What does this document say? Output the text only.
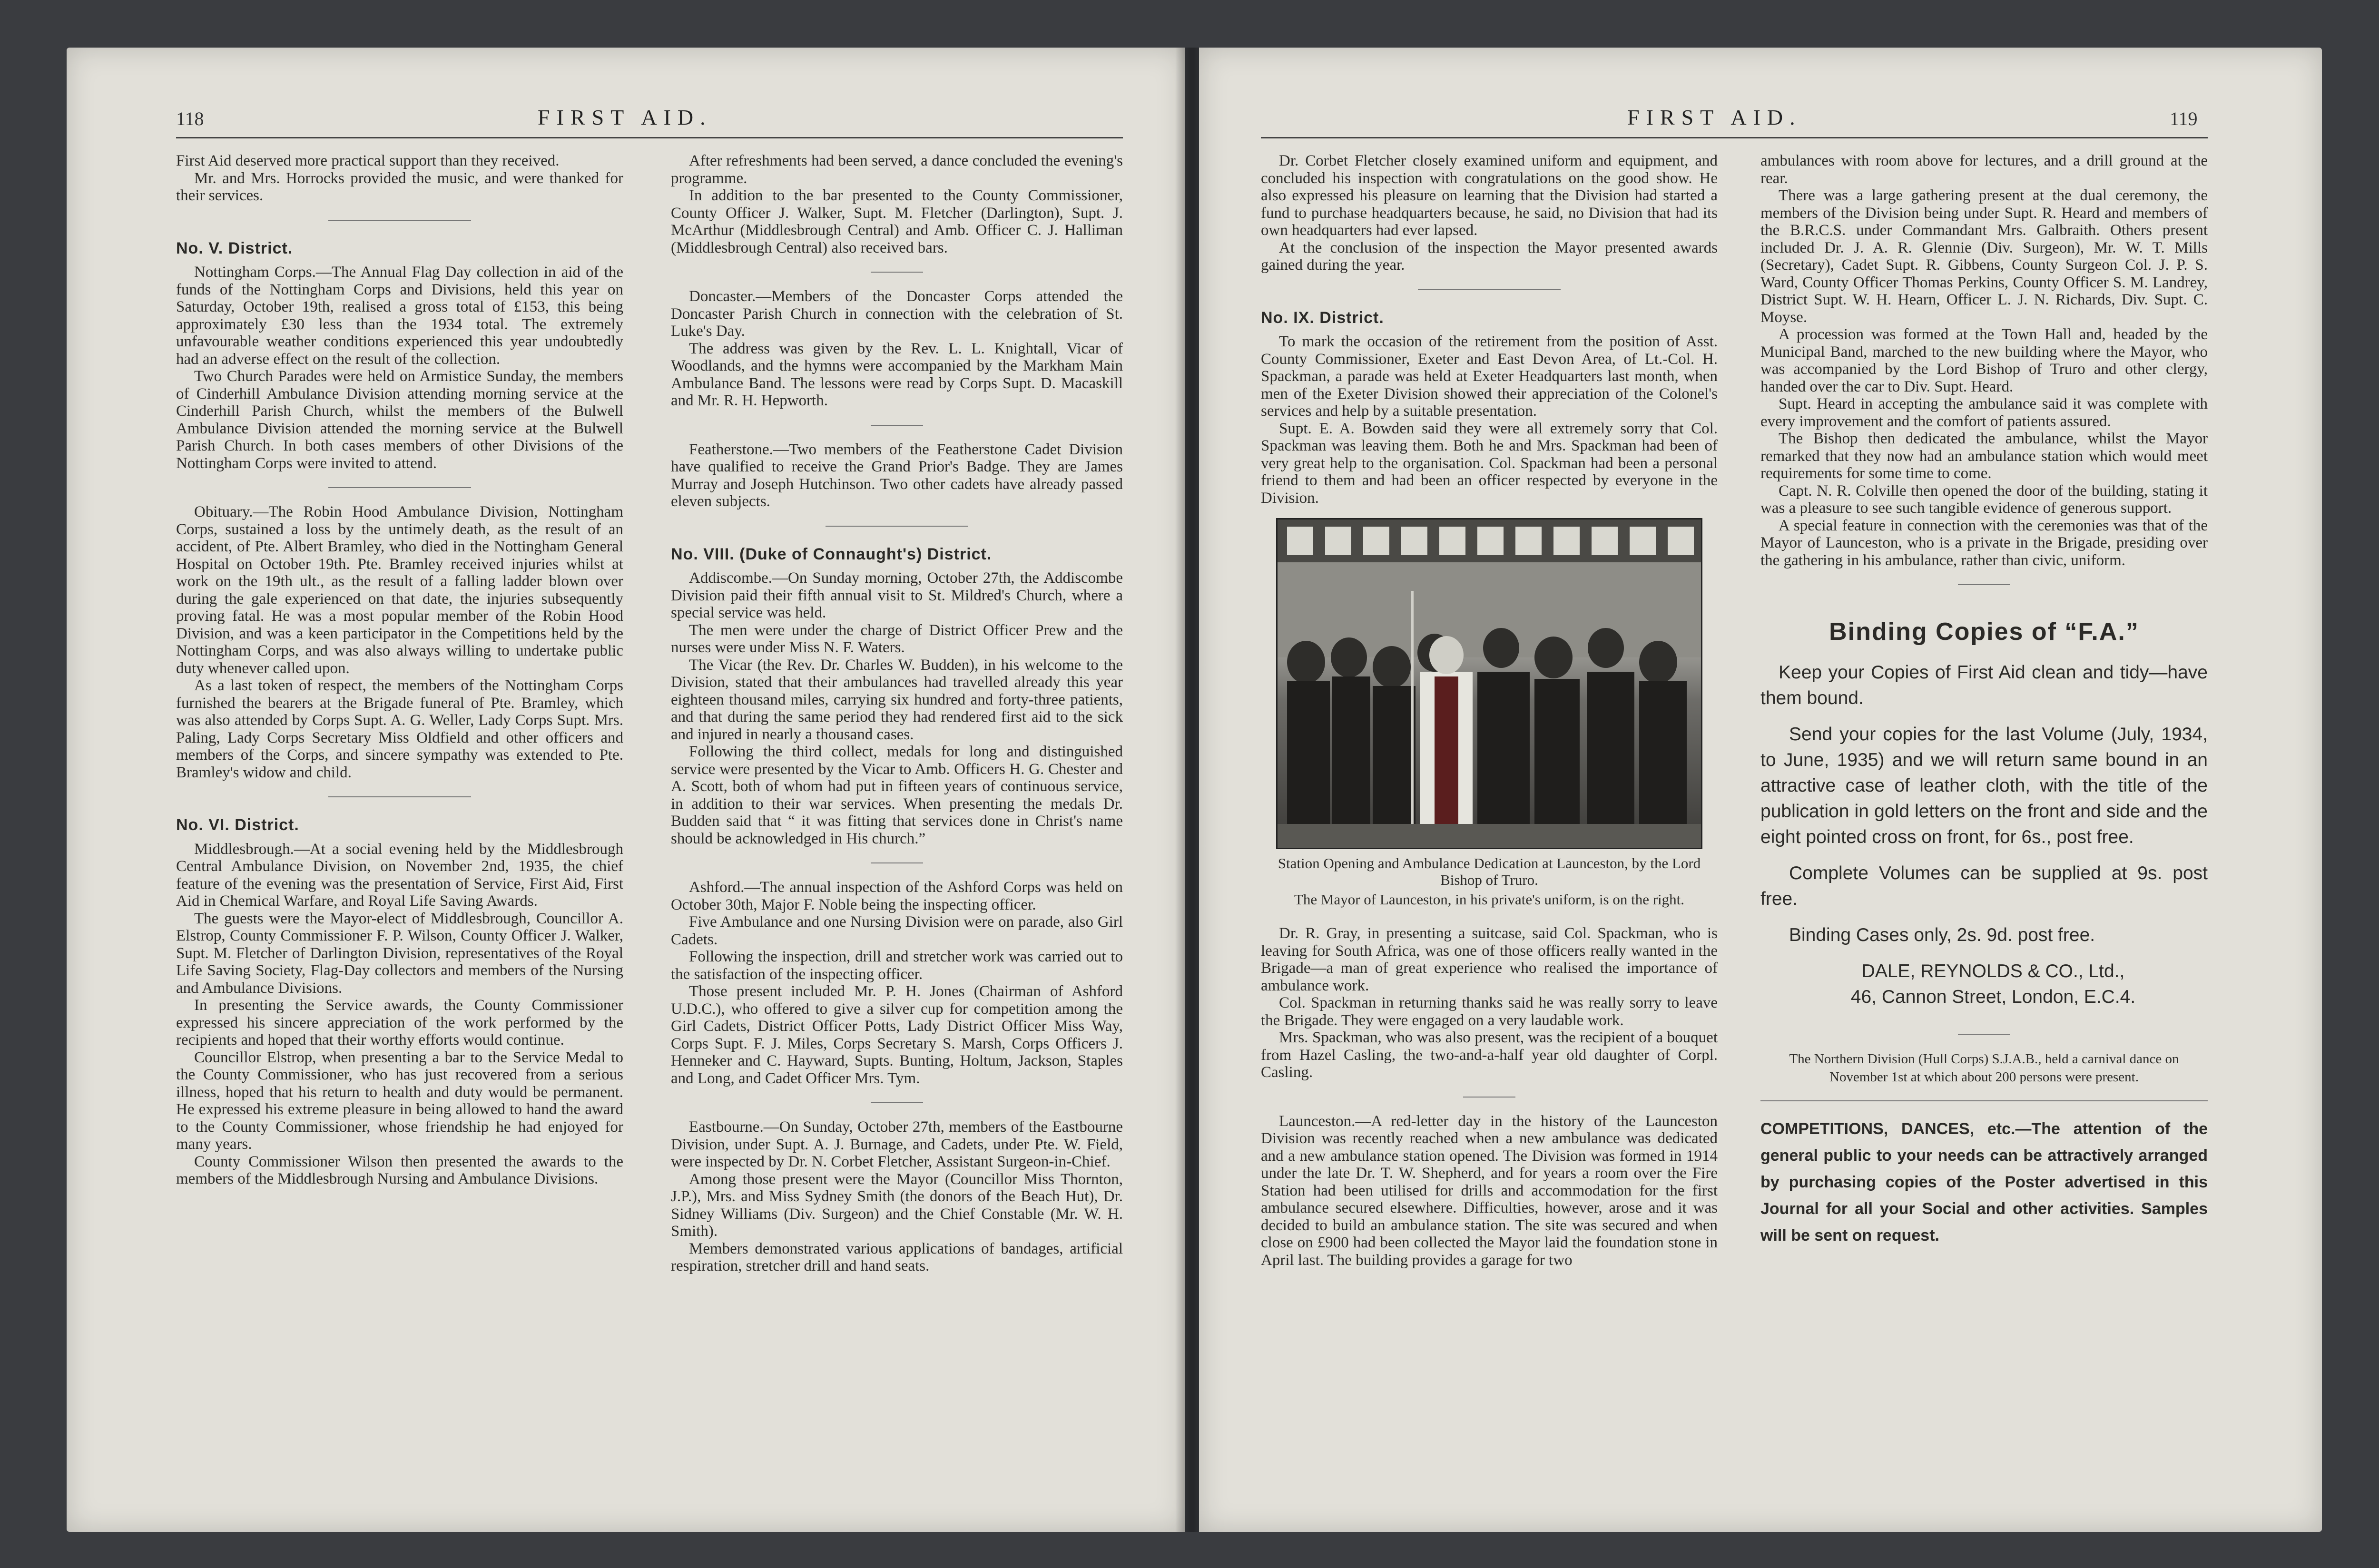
118	FIRST AID.

First Aid deserved more practical support than they received.

Mr. and Mrs. Horrocks provided the music, and were thanked for their services.

No. V. District.

Nottingham Corps.—The Annual Flag Day collection in aid of the funds of the Nottingham Corps and Divisions, held this year on Saturday, October 19th, realised a gross total of £153, this being approximately £30 less than the 1934 total. The extremely unfavourable weather conditions experienced this year undoubtedly had an adverse effect on the result of the collection.

Two Church Parades were held on Armistice Sunday, the members of Cinderhill Ambulance Division attending morning service at the Cinderhill Parish Church, whilst the members of the Bulwell Ambulance Division attended the morning service at the Bulwell Parish Church. In both cases members of other Divisions of the Nottingham Corps were invited to attend.

Obituary.—The Robin Hood Ambulance Division, Nottingham Corps, sustained a loss by the untimely death, as the result of an accident, of Pte. Albert Bramley, who died in the Nottingham General Hospital on October 19th. Pte. Bramley received injuries whilst at work on the 19th ult., as the result of a falling ladder blown over during the gale experienced on that date, the injuries subsequently proving fatal. He was a most popular member of the Robin Hood Division, and was a keen participator in the Competitions held by the Nottingham Corps, and was also always willing to undertake public duty whenever called upon.

As a last token of respect, the members of the Nottingham Corps furnished the bearers at the Brigade funeral of Pte. Bramley, which was also attended by Corps Supt. A. G. Weller, Lady Corps Supt. Mrs. Paling, Lady Corps Secretary Miss Oldfield and other officers and members of the Corps, and sincere sympathy was extended to Pte. Bramley's widow and child.

No. VI. District.

Middlesbrough.—At a social evening held by the Middlesbrough Central Ambulance Division, on November 2nd, 1935, the chief feature of the evening was the presentation of Service, First Aid, First Aid in Chemical Warfare, and Royal Life Saving Awards.

The guests were the Mayor-elect of Middlesbrough, Councillor A. Elstrop, County Commissioner F. P. Wilson, County Officer J. Walker, Supt. M. Fletcher of Darlington Division, representatives of the Royal Life Saving Society, Flag-Day collectors and members of the Nursing and Ambulance Divisions.

In presenting the Service awards, the County Commissioner expressed his sincere appreciation of the work performed by the recipients and hoped that their worthy efforts would continue.

Councillor Elstrop, when presenting a bar to the Service Medal to the County Commissioner, who has just recovered from a serious illness, hoped that his return to health and duty would be permanent. He expressed his extreme pleasure in being allowed to hand the award to the County Commissioner, whose friendship he had enjoyed for many years.

County Commissioner Wilson then presented the awards to the members of the Middlesbrough Nursing and Ambulance Divisions.

After refreshments had been served, a dance concluded the evening's programme.

In addition to the bar presented to the County Commissioner, County Officer J. Walker, Supt. M. Fletcher (Darlington), Supt. J. McArthur (Middlesbrough Central) and Amb. Officer C. J. Halliman (Middlesbrough Central) also received bars.

Doncaster.—Members of the Doncaster Corps attended the Doncaster Parish Church in connection with the celebration of St. Luke's Day.

The address was given by the Rev. L. L. Knightall, Vicar of Woodlands, and the hymns were accompanied by the Markham Main Ambulance Band. The lessons were read by Corps Supt. D. Macaskill and Mr. R. H. Hepworth.

Featherstone.—Two members of the Featherstone Cadet Division have qualified to receive the Grand Prior's Badge. They are James Murray and Joseph Hutchinson. Two other cadets have already passed eleven subjects.

No. VIII. (Duke of Connaught's) District.

Addiscombe.—On Sunday morning, October 27th, the Addiscombe Division paid their fifth annual visit to St. Mildred's Church, where a special service was held.

The men were under the charge of District Officer Prew and the nurses were under Miss N. F. Waters.

The Vicar (the Rev. Dr. Charles W. Budden), in his welcome to the Division, stated that their ambulances had travelled already this year eighteen thousand miles, carrying six hundred and forty-three patients, and that during the same period they had rendered first aid to the sick and injured in nearly a thousand cases.

Following the third collect, medals for long and distinguished service were presented by the Vicar to Amb. Officers H. G. Chester and A. Scott, both of whom had put in fifteen years of continuous service, in addition to their war services. When presenting the medals Dr. Budden said that “ it was fitting that services done in Christ's name should be acknowledged in His church.”

Ashford.—The annual inspection of the Ashford Corps was held on October 30th, Major F. Noble being the inspecting officer.

Five Ambulance and one Nursing Division were on parade, also Girl Cadets.

Following the inspection, drill and stretcher work was carried out to the satisfaction of the inspecting officer.

Those present included Mr. P. H. Jones (Chairman of Ashford U.D.C.), who offered to give a silver cup for competition among the Girl Cadets, District Officer Potts, Lady District Officer Miss Way, Corps Supt. F. J. Miles, Corps Secretary S. Marsh, Corps Officers J. Henneker and C. Hayward, Supts. Bunting, Holtum, Jackson, Staples and Long, and Cadet Officer Mrs. Tym.

Eastbourne.—On Sunday, October 27th, members of the Eastbourne Division, under Supt. A. J. Burnage, and Cadets, under Pte. W. Field, were inspected by Dr. N. Corbet Fletcher, Assistant Surgeon-in-Chief.

Among those present were the Mayor (Councillor Miss Thornton, J.P.), Mrs. and Miss Sydney Smith (the donors of the Beach Hut), Dr. Sidney Williams (Div. Surgeon) and the Chief Constable (Mr. W. H. Smith).

Members demonstrated various applications of bandages, artificial respiration, stretcher drill and hand seats.

FIRST AID.	119

Dr. Corbet Fletcher closely examined uniform and equipment, and concluded his inspection with congratulations on the good show. He also expressed his pleasure on learning that the Division had started a fund to purchase headquarters because, he said, no Division that had its own headquarters had ever lapsed.

At the conclusion of the inspection the Mayor presented awards gained during the year.

No. IX. District.

To mark the occasion of the retirement from the position of Asst. County Commissioner, Exeter and East Devon Area, of Lt.-Col. H. Spackman, a parade was held at Exeter Headquarters last month, when men of the Exeter Division showed their appreciation of the Colonel's services and help by a suitable presentation.

Supt. E. A. Bowden said they were all extremely sorry that Col. Spackman was leaving them. Both he and Mrs. Spackman had been of very great help to the organisation. Col. Spackman had been a personal friend to them and had been an officer respected by everyone in the Division.

Station Opening and Ambulance Dedication at Launceston, by the Lord Bishop of Truro.
The Mayor of Launceston, in his private's uniform, is on the right.

Dr. R. Gray, in presenting a suitcase, said Col. Spackman, who is leaving for South Africa, was one of those officers really wanted in the Brigade—a man of great experience who realised the importance of ambulance work.

Col. Spackman in returning thanks said he was really sorry to leave the Brigade. They were engaged on a very laudable work.

Mrs. Spackman, who was also present, was the recipient of a bouquet from Hazel Casling, the two-and-a-half year old daughter of Corpl. Casling.

Launceston.—A red-letter day in the history of the Launceston Division was recently reached when a new ambulance was dedicated and a new ambulance station opened. The Division was formed in 1914 under the late Dr. T. W. Shepherd, and for years a room over the Fire Station had been utilised for drills and accommodation for the first ambulance secured elsewhere. Difficulties, however, arose and it was decided to build an ambulance station. The site was secured and when close on £900 had been collected the Mayor laid the foundation stone in April last. The building provides a garage for two

ambulances with room above for lectures, and a drill ground at the rear.

There was a large gathering present at the dual ceremony, the members of the Division being under Supt. R. Heard and members of the B.R.C.S. under Commandant Mrs. Galbraith. Others present included Dr. J. A. R. Glennie (Div. Surgeon), Mr. W. T. Mills (Secretary), Cadet Supt. R. Gibbens, County Surgeon Col. J. P. S. Ward, County Officer Thomas Perkins, County Officer S. M. Landrey, District Supt. W. H. Hearn, Officer L. J. N. Richards, Div. Supt. C. Moyse.

A procession was formed at the Town Hall and, headed by the Municipal Band, marched to the new building where the Mayor, who was accompanied by the Lord Bishop of Truro and other clergy, handed over the car to Div. Supt. Heard.

Supt. Heard in accepting the ambulance said it was complete with every improvement and the comfort of patients assured.

The Bishop then dedicated the ambulance, whilst the Mayor remarked that they now had an ambulance station which would meet requirements for some time to come.

Capt. N. R. Colville then opened the door of the building, stating it was a pleasure to see such tangible evidence of generous support.

A special feature in connection with the ceremonies was that of the Mayor of Launceston, who is a private in the Brigade, presiding over the gathering in his ambulance, rather than civic, uniform.

Binding Copies of “F.A.”

Keep your Copies of First Aid clean and tidy—have them bound.

Send your copies for the last Volume (July, 1934, to June, 1935) and we will return same bound in an attractive case of leather cloth, with the title of the publication in gold letters on the front and side and the eight pointed cross on front, for 6s., post free.

Complete Volumes can be supplied at 9s. post free.

Binding Cases only, 2s. 9d. post free.

DALE, REYNOLDS & CO., Ltd.,

46, Cannon Street, London, E.C.4.

The Northern Division (Hull Corps) S.J.A.B., held a carnival dance on November 1st at which about 200 persons were present.
COMPETITIONS, DANCES, etc.—The attention of the general public to your needs can be attractively arranged by purchasing copies of the Poster advertised in this Journal for all your Social and other activities. Samples will be sent on request.
